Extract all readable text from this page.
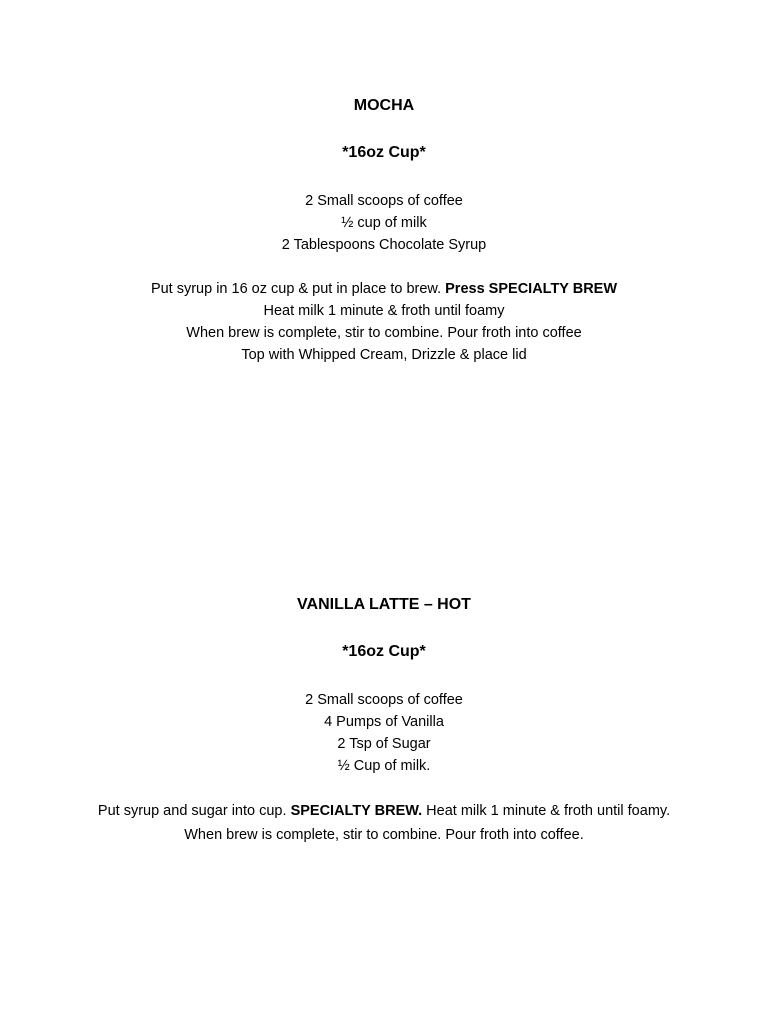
MOCHA
*16oz Cup*
2 Small scoops of coffee
½ cup of milk
2 Tablespoons Chocolate Syrup

Put syrup in 16 oz cup & put in place to brew. Press SPECIALTY BREW

Heat milk 1 minute & froth until foamy

When brew is complete, stir to combine. Pour froth into coffee

Top with Whipped Cream, Drizzle & place lid

VANILLA LATTE – HOT
*16oz Cup*
2 Small scoops of coffee
4 Pumps of Vanilla
2 Tsp of Sugar
½ Cup of milk.

Put syrup and sugar into cup. SPECIALTY BREW. Heat milk 1 minute & froth until foamy. When brew is complete, stir to combine. Pour froth into coffee.
